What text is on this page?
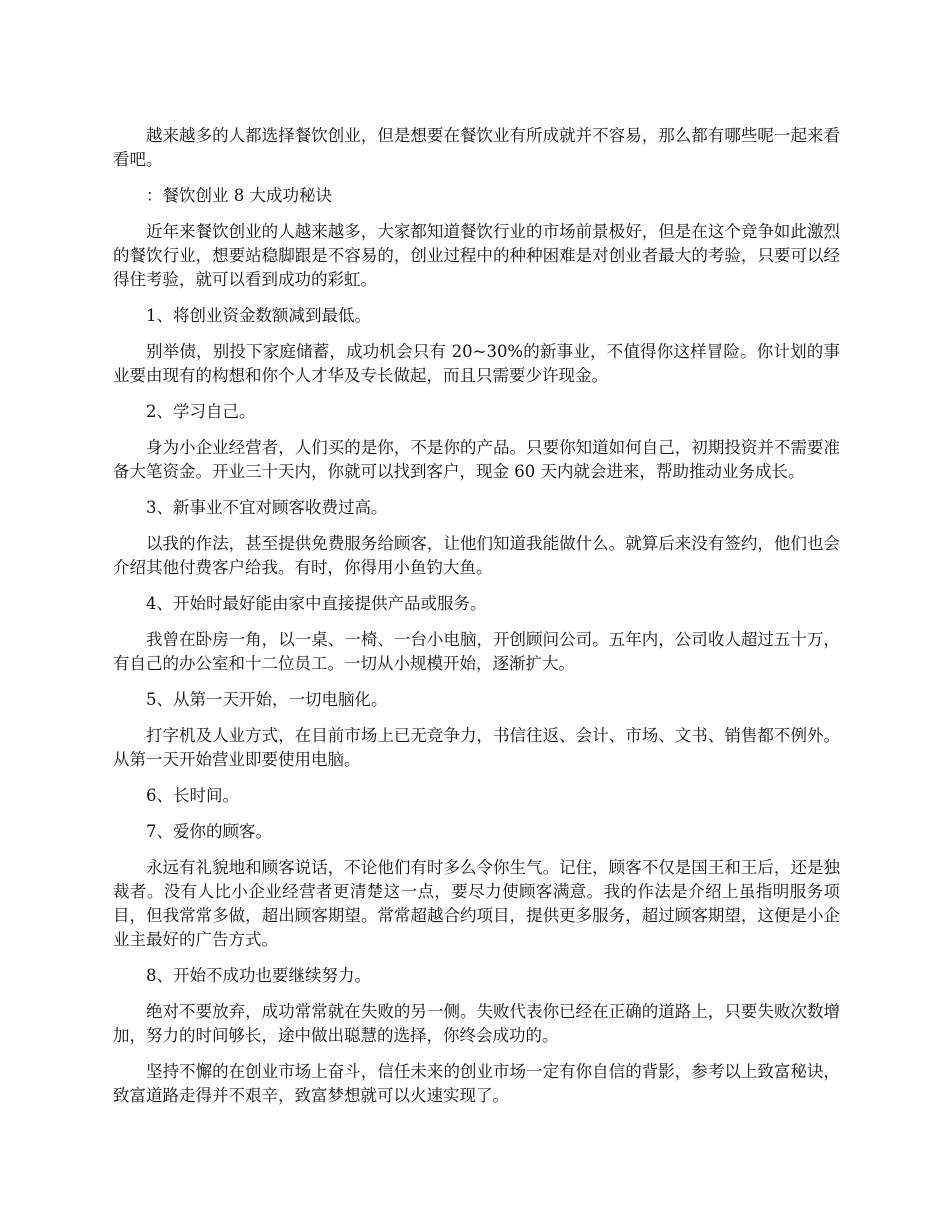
越来越多的人都选择餐饮创业，但是想要在餐饮业有所成就并不容易，那么都有哪些呢一起来看看吧。

：餐饮创业 8 大成功秘诀

近年来餐饮创业的人越来越多，大家都知道餐饮行业的市场前景极好，但是在这个竞争如此激烈的餐饮行业，想要站稳脚跟是不容易的，创业过程中的种种困难是对创业者最大的考验，只要可以经得住考验，就可以看到成功的彩虹。

1、将创业资金数额减到最低。

别举债，别投下家庭储蓄，成功机会只有 20~30%的新事业，不值得你这样冒险。你计划的事业要由现有的构想和你个人才华及专长做起，而且只需要少许现金。

2、学习自己。

身为小企业经营者，人们买的是你，不是你的产品。只要你知道如何自己，初期投资并不需要准备大笔资金。开业三十天内，你就可以找到客户，现金 60 天内就会进来，帮助推动业务成长。

3、新事业不宜对顾客收费过高。

以我的作法，甚至提供免费服务给顾客，让他们知道我能做什么。就算后来没有签约，他们也会介绍其他付费客户给我。有时，你得用小鱼钓大鱼。

4、开始时最好能由家中直接提供产品或服务。

我曾在卧房一角，以一桌、一椅、一台小电脑，开创顾问公司。五年内，公司收人超过五十万，有自己的办公室和十二位员工。一切从小规模开始，逐渐扩大。

5、从第一天开始，一切电脑化。

打字机及人业方式，在目前市场上已无竞争力，书信往返、会计、市场、文书、销售都不例外。从第一天开始营业即要使用电脑。

6、长时间。

7、爱你的顾客。

永远有礼貌地和顾客说话，不论他们有时多么令你生气。记住，顾客不仅是国王和王后，还是独裁者。没有人比小企业经营者更清楚这一点，要尽力使顾客满意。我的作法是介绍上虽指明服务项目，但我常常多做，超出顾客期望。常常超越合约项目，提供更多服务，超过顾客期望，这便是小企业主最好的广告方式。

8、开始不成功也要继续努力。

绝对不要放弃，成功常常就在失败的另一侧。失败代表你已经在正确的道路上，只要失败次数增加，努力的时间够长，途中做出聪慧的选择，你终会成功的。

坚持不懈的在创业市场上奋斗，信任未来的创业市场一定有你自信的背影，参考以上致富秘诀，致富道路走得并不艰辛，致富梦想就可以火速实现了。
